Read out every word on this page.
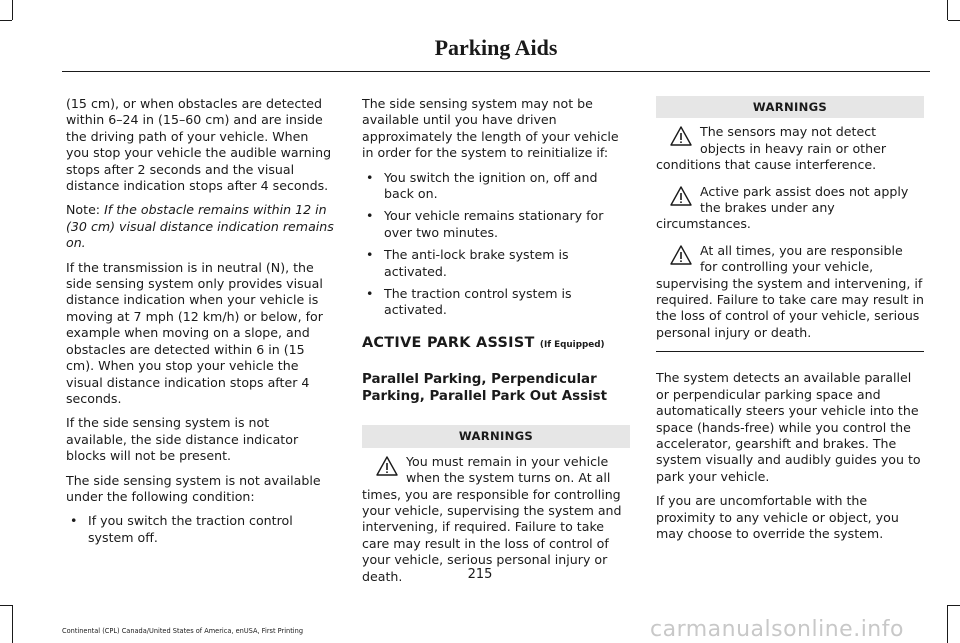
Parking Aids

(15 cm), or when obstacles are detected within 6–24 in (15–60 cm) and are inside the driving path of your vehicle. When you stop your vehicle the audible warning stops after 2 seconds and the visual distance indication stops after 4 seconds.

Note: If the obstacle remains within 12 in (30 cm) visual distance indication remains on.

If the transmission is in neutral (N), the side sensing system only provides visual distance indication when your vehicle is moving at 7 mph (12 km/h) or below, for example when moving on a slope, and obstacles are detected within 6 in (15 cm). When you stop your vehicle the visual distance indication stops after 4 seconds.

If the side sensing system is not available, the side distance indicator blocks will not be present.

The side sensing system is not available under the following condition:

• If you switch the traction control system off.

The side sensing system may not be available until you have driven approximately the length of your vehicle in order for the system to reinitialize if:

• You switch the ignition on, off and back on.
• Your vehicle remains stationary for over two minutes.
• The anti-lock brake system is activated.
• The traction control system is activated.
ACTIVE PARK ASSIST (If Equipped)
Parallel Parking, Perpendicular Parking, Parallel Park Out Assist
WARNINGS
You must remain in your vehicle when the system turns on. At all times, you are responsible for controlling your vehicle, supervising the system and intervening, if required. Failure to take care may result in the loss of control of your vehicle, serious personal injury or death.
WARNINGS
The sensors may not detect objects in heavy rain or other conditions that cause interference.
Active park assist does not apply the brakes under any circumstances.
At all times, you are responsible for controlling your vehicle, supervising the system and intervening, if required. Failure to take care may result in the loss of control of your vehicle, serious personal injury or death.

The system detects an available parallel or perpendicular parking space and automatically steers your vehicle into the space (hands-free) while you control the accelerator, gearshift and brakes. The system visually and audibly guides you to park your vehicle.

If you are uncomfortable with the proximity to any vehicle or object, you may choose to override the system.

215
Continental (CPL) Canada/United States of America, enUSA, First Printing	carmanualsonline.info
